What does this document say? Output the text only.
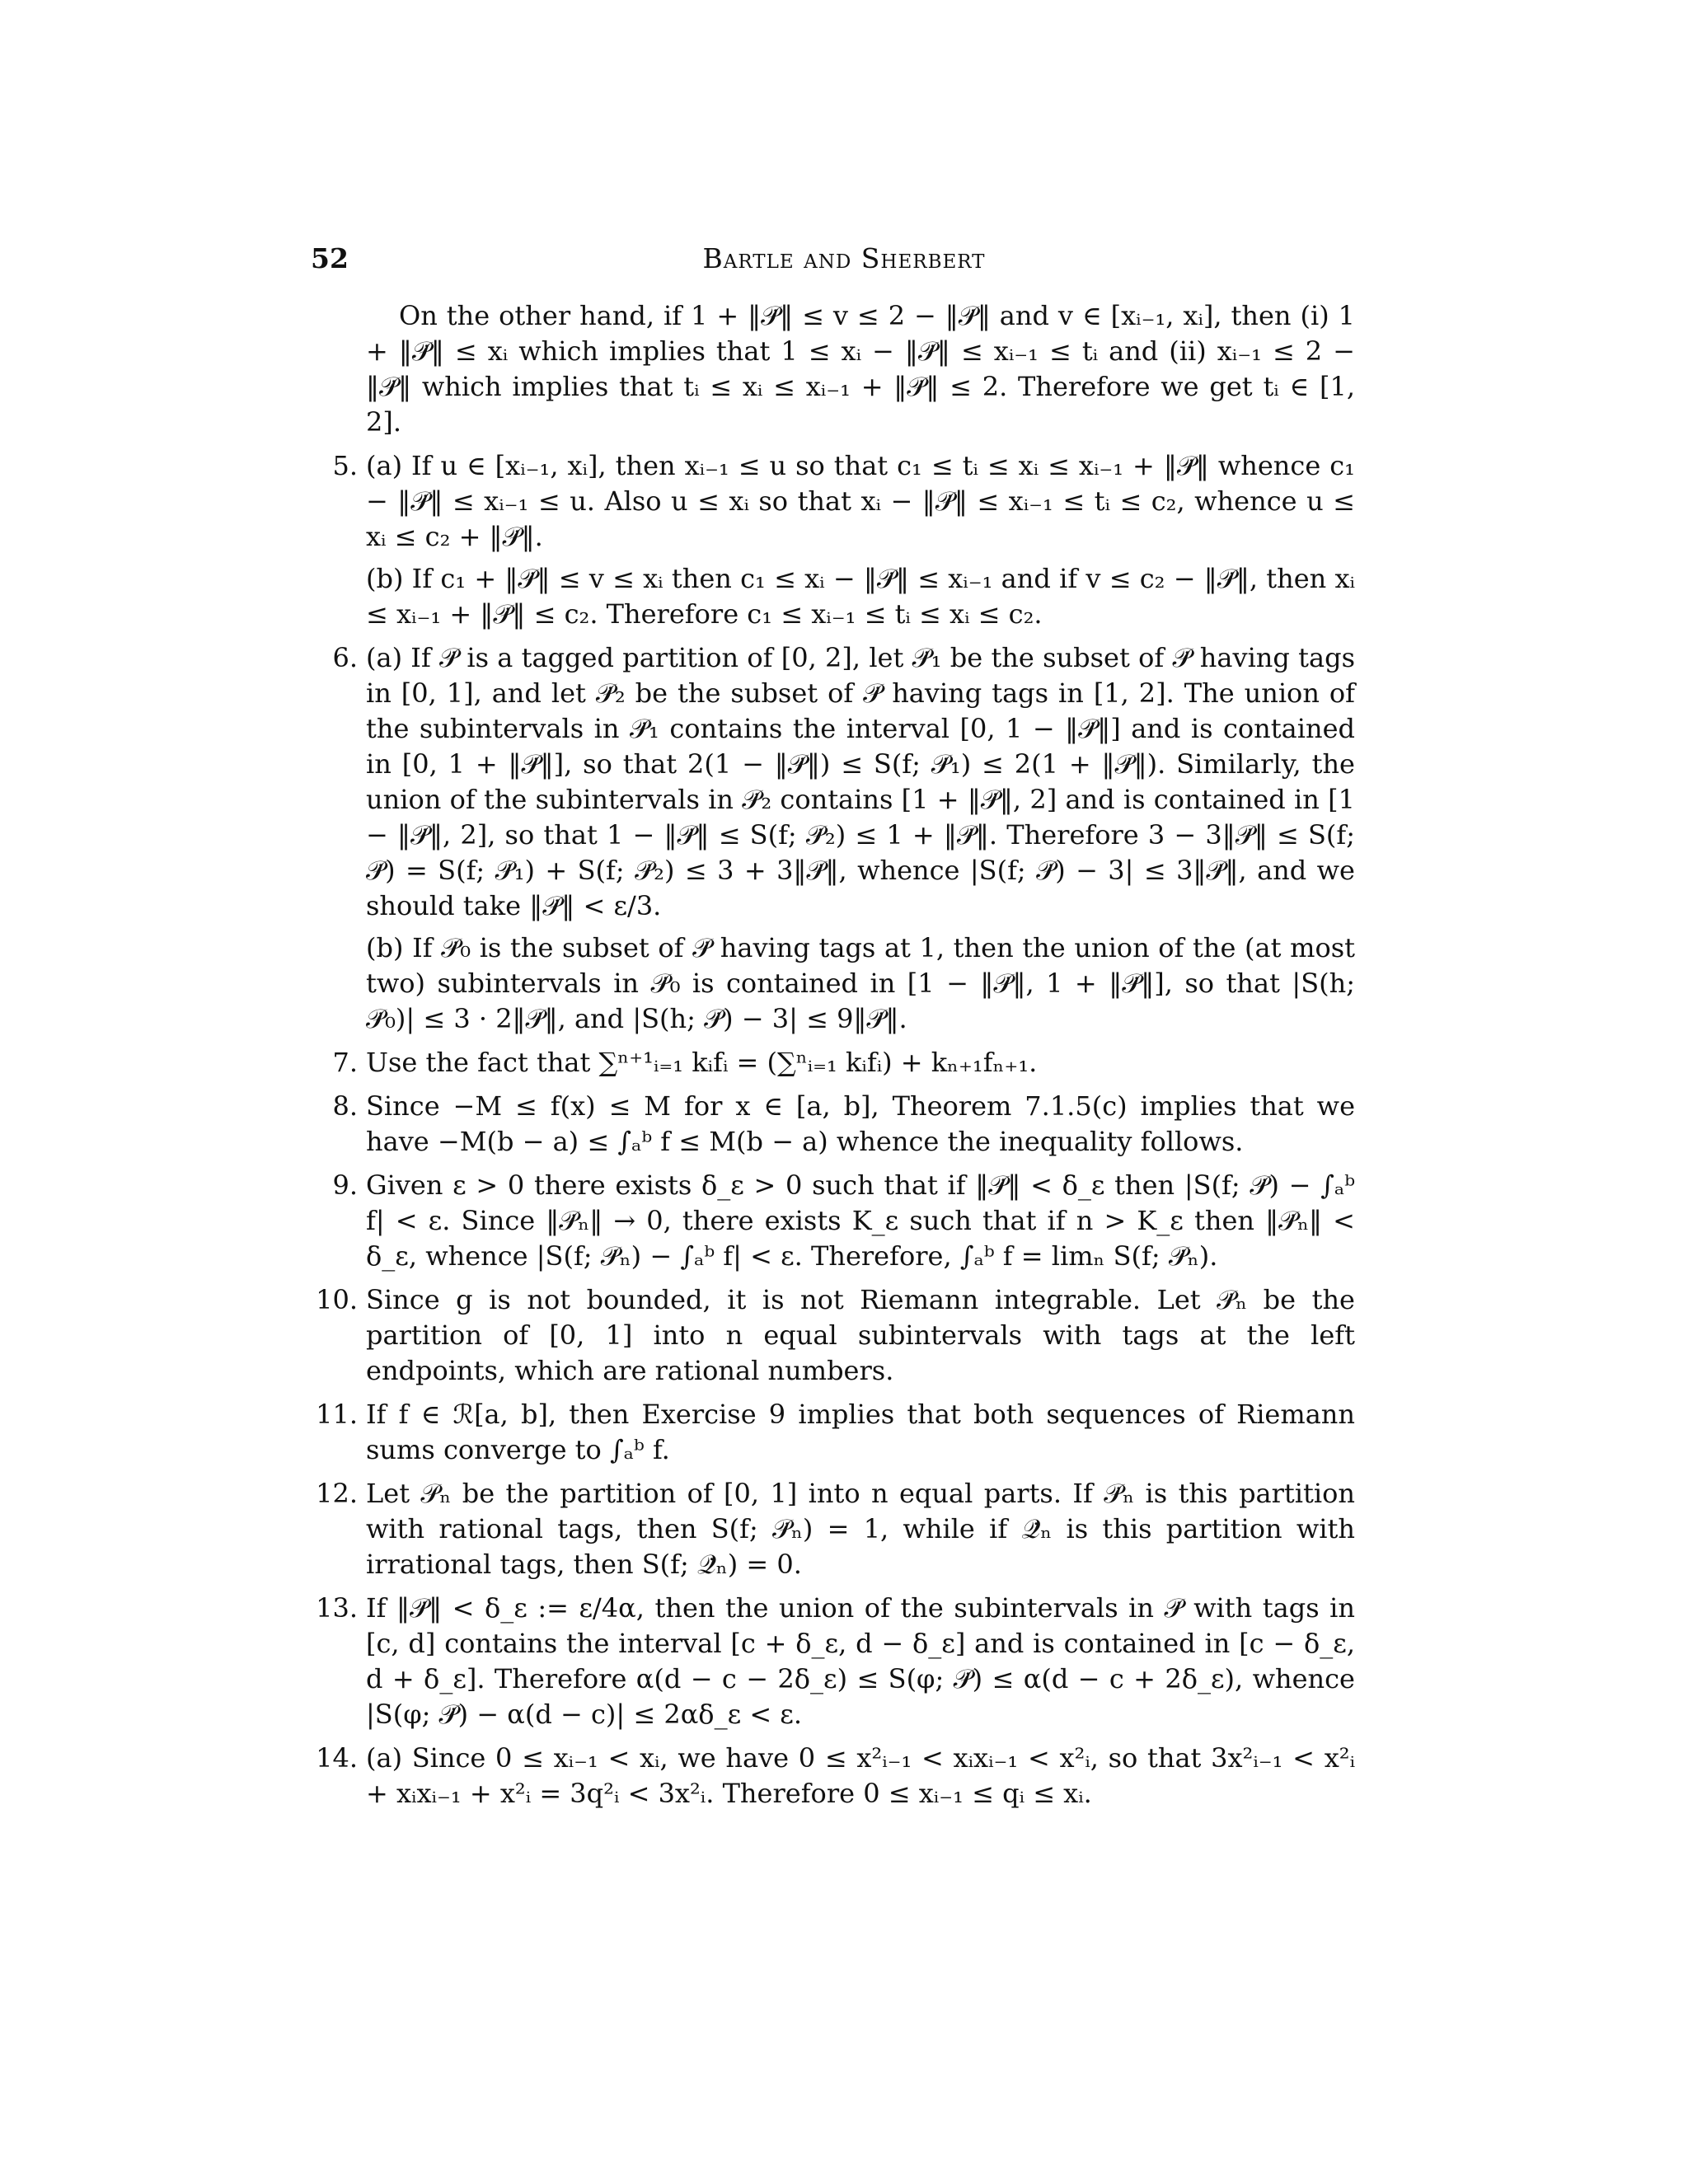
52	Bartle and Sherbert

On the other hand, if 1 + ‖𝒫̇‖ ≤ v ≤ 2 − ‖𝒫̇‖ and v ∈ [xᵢ₋₁, xᵢ], then (i) 1 + ‖𝒫̇‖ ≤ xᵢ which implies that 1 ≤ xᵢ − ‖𝒫̇‖ ≤ xᵢ₋₁ ≤ tᵢ and (ii) xᵢ₋₁ ≤ 2 − ‖𝒫̇‖ which implies that tᵢ ≤ xᵢ ≤ xᵢ₋₁ + ‖𝒫̇‖ ≤ 2. Therefore we get tᵢ ∈ [1, 2].

5. (a) If u ∈ [xᵢ₋₁, xᵢ], then xᵢ₋₁ ≤ u so that c₁ ≤ tᵢ ≤ xᵢ ≤ xᵢ₋₁ + ‖𝒫̇‖ whence c₁ − ‖𝒫̇‖ ≤ xᵢ₋₁ ≤ u. Also u ≤ xᵢ so that xᵢ − ‖𝒫̇‖ ≤ xᵢ₋₁ ≤ tᵢ ≤ c₂, whence u ≤ xᵢ ≤ c₂ + ‖𝒫̇‖.

(b) If c₁ + ‖𝒫̇‖ ≤ v ≤ xᵢ then c₁ ≤ xᵢ − ‖𝒫̇‖ ≤ xᵢ₋₁ and if v ≤ c₂ − ‖𝒫̇‖, then xᵢ ≤ xᵢ₋₁ + ‖𝒫̇‖ ≤ c₂. Therefore c₁ ≤ xᵢ₋₁ ≤ tᵢ ≤ xᵢ ≤ c₂.

6. (a) If 𝒫̇ is a tagged partition of [0, 2], let 𝒫̇₁ be the subset of 𝒫̇ having tags in [0, 1], and let 𝒫̇₂ be the subset of 𝒫̇ having tags in [1, 2]. The union of the subintervals in 𝒫̇₁ contains the interval [0, 1 − ‖𝒫̇‖] and is contained in [0, 1 + ‖𝒫̇‖], so that 2(1 − ‖𝒫̇‖) ≤ S(f; 𝒫̇₁) ≤ 2(1 + ‖𝒫̇‖). Similarly, the union of the subintervals in 𝒫̇₂ contains [1 + ‖𝒫̇‖, 2] and is contained in [1 − ‖𝒫̇‖, 2], so that 1 − ‖𝒫̇‖ ≤ S(f; 𝒫̇₂) ≤ 1 + ‖𝒫̇‖. Therefore 3 − 3‖𝒫̇‖ ≤ S(f; 𝒫̇) = S(f; 𝒫̇₁) + S(f; 𝒫̇₂) ≤ 3 + 3‖𝒫̇‖, whence |S(f; 𝒫̇) − 3| ≤ 3‖𝒫̇‖, and we should take ‖𝒫̇‖ < ε/3.

(b) If 𝒫̇₀ is the subset of 𝒫̇ having tags at 1, then the union of the (at most two) subintervals in 𝒫̇₀ is contained in [1 − ‖𝒫̇‖, 1 + ‖𝒫̇‖], so that |S(h; 𝒫̇₀)| ≤ 3 · 2‖𝒫̇‖, and |S(h; 𝒫̇) − 3| ≤ 9‖𝒫̇‖.

7. Use the fact that ∑ⁿ⁺¹ᵢ₌₁ kᵢfᵢ = (∑ⁿᵢ₌₁ kᵢfᵢ) + kₙ₊₁fₙ₊₁.

8. Since −M ≤ f(x) ≤ M for x ∈ [a, b], Theorem 7.1.5(c) implies that we have −M(b − a) ≤ ∫ₐᵇ f ≤ M(b − a) whence the inequality follows.

9. Given ε > 0 there exists δ_ε > 0 such that if ‖𝒫̇‖ < δ_ε then |S(f; 𝒫̇) − ∫ₐᵇ f| < ε. Since ‖𝒫̇ₙ‖ → 0, there exists K_ε such that if n > K_ε then ‖𝒫̇ₙ‖ < δ_ε, whence |S(f; 𝒫̇ₙ) − ∫ₐᵇ f| < ε. Therefore, ∫ₐᵇ f = limₙ S(f; 𝒫̇ₙ).

10. Since g is not bounded, it is not Riemann integrable. Let 𝒫̇ₙ be the partition of [0, 1] into n equal subintervals with tags at the left endpoints, which are rational numbers.

11. If f ∈ ℛ[a, b], then Exercise 9 implies that both sequences of Riemann sums converge to ∫ₐᵇ f.

12. Let 𝒫ₙ be the partition of [0, 1] into n equal parts. If 𝒫̇ₙ is this partition with rational tags, then S(f; 𝒫̇ₙ) = 1, while if 𝒬̇ₙ is this partition with irrational tags, then S(f; 𝒬̇ₙ) = 0.

13. If ‖𝒫̇‖ < δ_ε := ε/4α, then the union of the subintervals in 𝒫̇ with tags in [c, d] contains the interval [c + δ_ε, d − δ_ε] and is contained in [c − δ_ε, d + δ_ε]. Therefore α(d − c − 2δ_ε) ≤ S(φ; 𝒫̇) ≤ α(d − c + 2δ_ε), whence |S(φ; 𝒫̇) − α(d − c)| ≤ 2αδ_ε < ε.

14. (a) Since 0 ≤ xᵢ₋₁ < xᵢ, we have 0 ≤ x²ᵢ₋₁ < xᵢxᵢ₋₁ < x²ᵢ, so that 3x²ᵢ₋₁ < x²ᵢ + xᵢxᵢ₋₁ + x²ᵢ = 3q²ᵢ < 3x²ᵢ. Therefore 0 ≤ xᵢ₋₁ ≤ qᵢ ≤ xᵢ.
